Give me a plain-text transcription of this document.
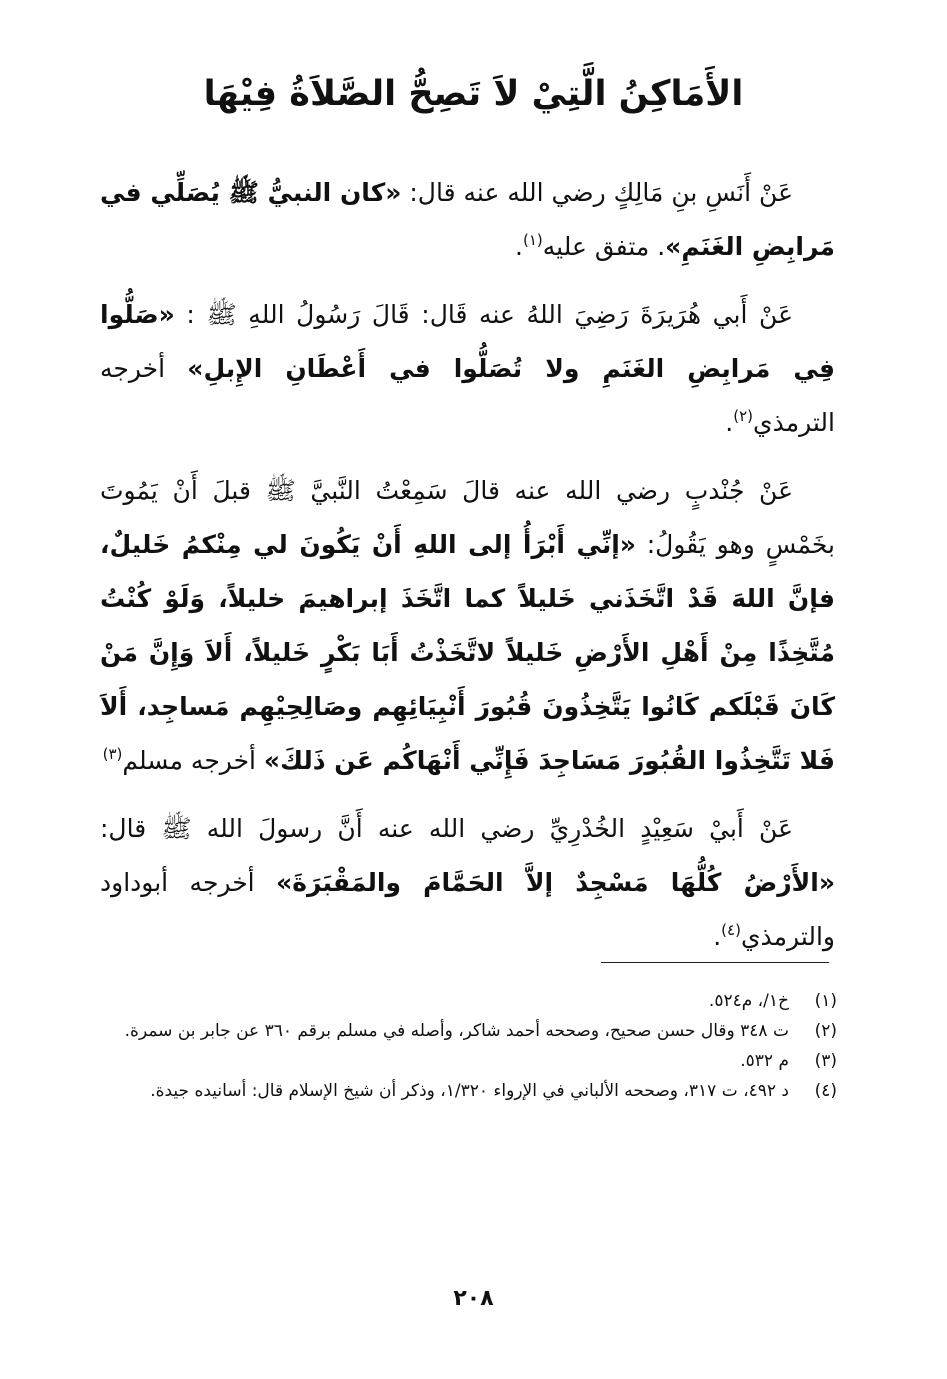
الأَمَاكِنُ الَّتِيْ لاَ تَصِحُّ الصَّلاَةُ فِيْهَا

عَنْ أَنَسِ بنِ مَالِكٍ رضي الله عنه قال: «كان النبيُّ ﷺ يُصَلِّي في مَرابِضِ الغَنَمِ». متفق عليه$^{(١)}$.

عَنْ أَبي هُرَيرَةَ رَضِيَ اللهُ عنه قَال: قَالَ رَسُولُ اللهِ ﷺ : «صَلُّوا فِي مَرابِضِ الغَنَمِ ولا تُصَلُّوا في أَعْطَانِ الإِبلِ» أخرجه الترمذي$^{(٢)}$.

عَنْ جُنْدبٍ رضي الله عنه قالَ سَمِعْتُ النَّبيَّ ﷺ قبلَ أَنْ يَمُوتَ بخَمْسٍ وهو يَقُولُ: «إنِّي أَبْرَأُ إلى اللهِ أَنْ يَكُونَ لي مِنْكمُ خَليلٌ، فإنَّ اللهَ قَدْ اتَّخَذَني خَليلاً كما اتَّخَذَ إبراهيمَ خليلاً، وَلَوْ كُنْتُ مُتَّخِذًا مِنْ أَهْلِ الأَرْضِ خَليلاً لاتَّخَذْتُ أَبَا بَكْرٍ خَليلاً، أَلاَ وَإِنَّ مَنْ كَانَ قَبْلَكم كَانُوا يَتَّخِذُونَ قُبُورَ أَنْبِيَائِهِم وصَالِحِيْهِم مَساجِد، أَلاَ فَلا تَتَّخِذُوا القُبُورَ مَسَاجِدَ فَإِنِّي أَنْهَاكُم عَن ذَلكَ» أخرجه مسلم$^{(٣)}$

عَنْ أَبيْ سَعِيْدٍ الخُدْرِيِّ رضي الله عنه أَنَّ رسولَ الله ﷺ قال: «الأَرْضُ كُلُّهَا مَسْجِدٌ إلاَّ الحَمَّامَ والمَقْبَرَةَ» أخرجه أبوداود والترمذي$^{(٤)}$.

(١)
خ١/، م٥٢٤.
(٢)
ت ٣٤٨ وقال حسن صحيح، وصححه أحمد شاكر، وأصله في مسلم برقم ٣٦٠ عن جابر بن سمرة.
(٣)
م ٥٣٢.
(٤)
د ٤٩٢، ت ٣١٧، وصححه الألباني في الإرواء ١/٣٢٠، وذكر أن شيخ الإسلام قال: أسانيده جيدة.
٢٠٨
